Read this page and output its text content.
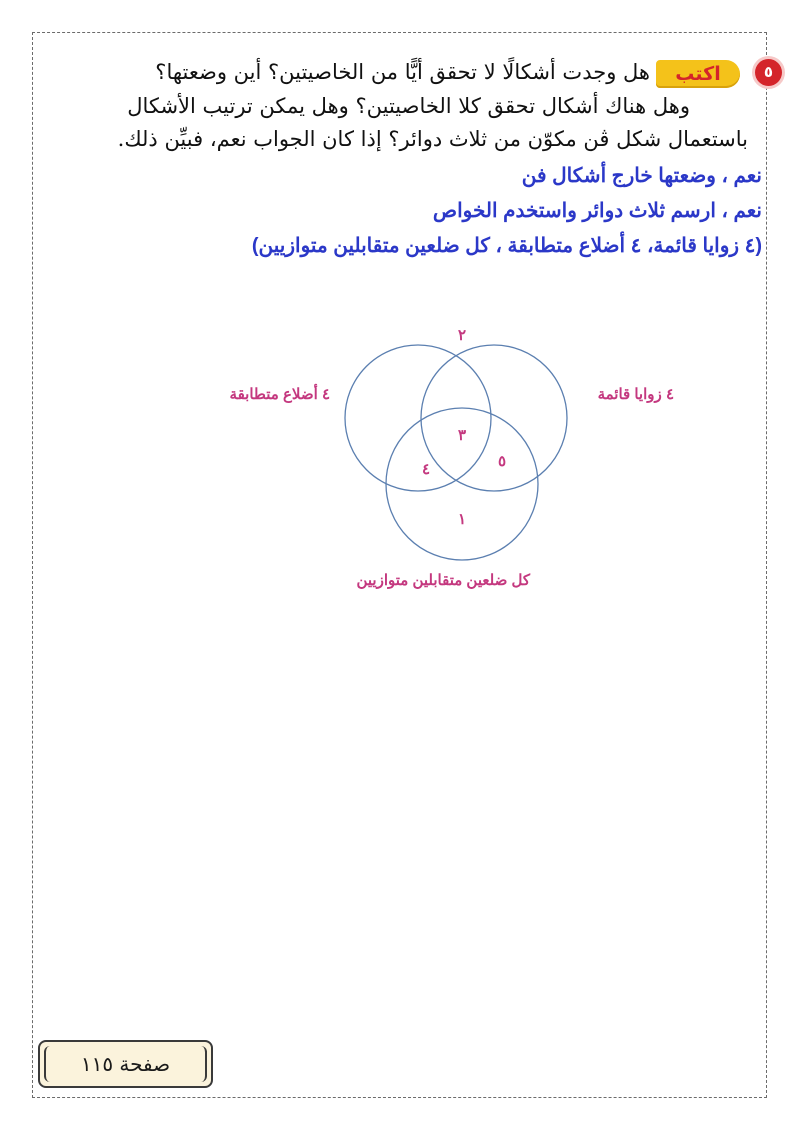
٥
اكتب
هل وجدت أشكالًا لا تحقق أيًّا من الخاصيتين؟ أين وضعتها؟
وهل هناك أشكال تحقق كلا الخاصيتين؟ وهل يمكن ترتيب الأشكال
باستعمال شكل ڤن مكوّن من ثلاث دوائر؟ إذا كان الجواب نعم، فبيِّن ذلك.
نعم ، وضعتها خارج أشكال فن
نعم ، ارسم ثلاث دوائر واستخدم الخواص
(٤ زوايا قائمة، ٤ أضلاع متطابقة ، كل ضلعين متقابلين متوازيين)
٢
٣
٤	٥
١
٤ أضلاع متطابقة	٤ زوايا قائمة
كل ضلعين متقابلين متوازيين
صفحة ١١٥
